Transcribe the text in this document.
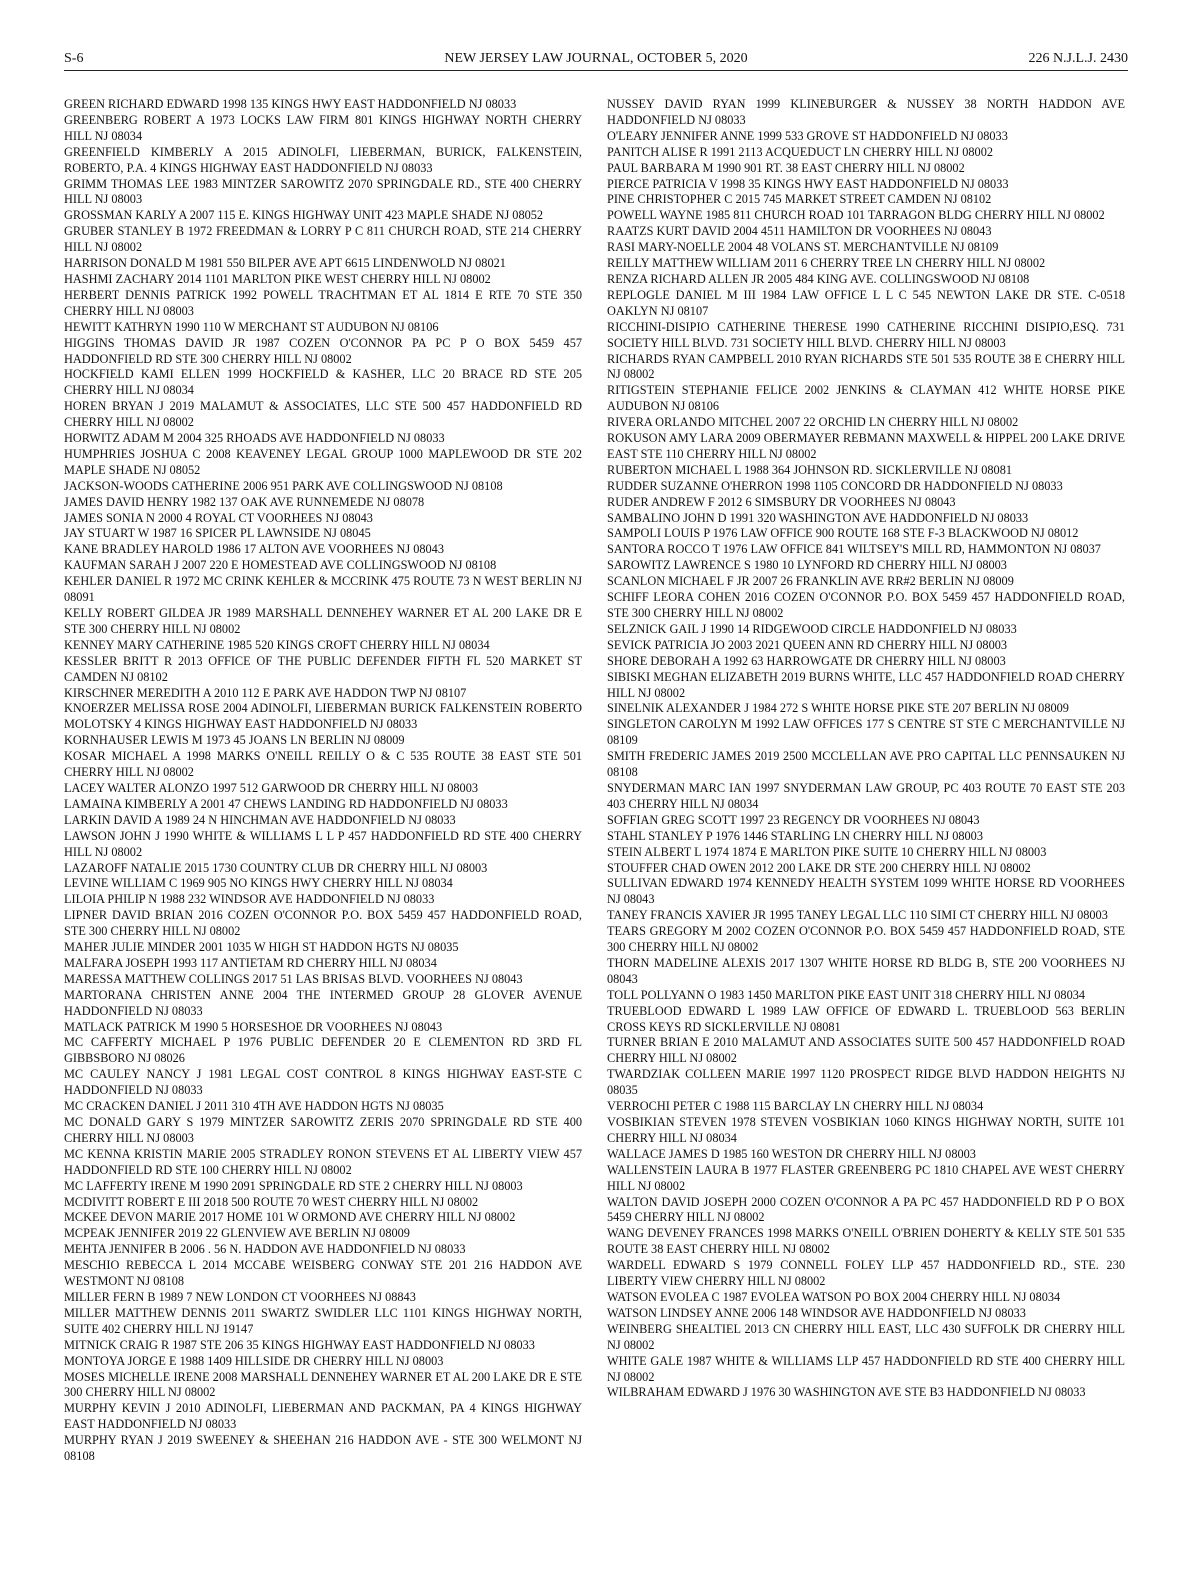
S-6	NEW JERSEY LAW JOURNAL, OCTOBER 5, 2020	226 N.J.L.J. 2430

GREEN RICHARD EDWARD 1998 135 KINGS HWY EAST HADDONFIELD NJ 08033

GREENBERG ROBERT A 1973 LOCKS LAW FIRM 801 KINGS HIGHWAY NORTH CHERRY HILL NJ 08034

GREENFIELD KIMBERLY A 2015 ADINOLFI, LIEBERMAN, BURICK, FALKENSTEIN, ROBERTO, P.A. 4 KINGS HIGHWAY EAST HADDONFIELD NJ 08033

GRIMM THOMAS LEE 1983 MINTZER SAROWITZ 2070 SPRINGDALE RD., STE 400 CHERRY HILL NJ 08003

GROSSMAN KARLY A 2007 115 E. KINGS HIGHWAY UNIT 423 MAPLE SHADE NJ 08052

GRUBER STANLEY B 1972 FREEDMAN & LORRY P C 811 CHURCH ROAD, STE 214 CHERRY HILL NJ 08002

HARRISON DONALD M 1981 550 BILPER AVE APT 6615 LINDENWOLD NJ 08021

HASHMI ZACHARY 2014 1101 MARLTON PIKE WEST CHERRY HILL NJ 08002

HERBERT DENNIS PATRICK 1992 POWELL TRACHTMAN ET AL 1814 E RTE 70 STE 350 CHERRY HILL NJ 08003

HEWITT KATHRYN 1990 110 W MERCHANT ST AUDUBON NJ 08106

HIGGINS THOMAS DAVID JR 1987 COZEN O'CONNOR PA PC P O BOX 5459 457 HADDONFIELD RD STE 300 CHERRY HILL NJ 08002

HOCKFIELD KAMI ELLEN 1999 HOCKFIELD & KASHER, LLC 20 BRACE RD STE 205 CHERRY HILL NJ 08034

HOREN BRYAN J 2019 MALAMUT & ASSOCIATES, LLC STE 500 457 HADDONFIELD RD CHERRY HILL NJ 08002

HORWITZ ADAM M 2004 325 RHOADS AVE HADDONFIELD NJ 08033

HUMPHRIES JOSHUA C 2008 KEAVENEY LEGAL GROUP 1000 MAPLEWOOD DR STE 202 MAPLE SHADE NJ 08052

JACKSON-WOODS CATHERINE 2006 951 PARK AVE COLLINGSWOOD NJ 08108

JAMES DAVID HENRY 1982 137 OAK AVE RUNNEMEDE NJ 08078

JAMES SONIA N 2000 4 ROYAL CT VOORHEES NJ 08043

JAY STUART W 1987 16 SPICER PL LAWNSIDE NJ 08045

KANE BRADLEY HAROLD 1986 17 ALTON AVE VOORHEES NJ 08043

KAUFMAN SARAH J 2007 220 E HOMESTEAD AVE COLLINGSWOOD NJ 08108

KEHLER DANIEL R 1972 MC CRINK KEHLER & MCCRINK 475 ROUTE 73 N WEST BERLIN NJ 08091

KELLY ROBERT GILDEA JR 1989 MARSHALL DENNEHEY WARNER ET AL 200 LAKE DR E STE 300 CHERRY HILL NJ 08002

KENNEY MARY CATHERINE 1985 520 KINGS CROFT CHERRY HILL NJ 08034

KESSLER BRITT R 2013 OFFICE OF THE PUBLIC DEFENDER FIFTH FL 520 MARKET ST CAMDEN NJ 08102

KIRSCHNER MEREDITH A 2010 112 E PARK AVE HADDON TWP NJ 08107

KNOERZER MELISSA ROSE 2004 ADINOLFI, LIEBERMAN BURICK FALKENSTEIN ROBERTO MOLOTSKY 4 KINGS HIGHWAY EAST HADDONFIELD NJ 08033

KORNHAUSER LEWIS M 1973 45 JOANS LN BERLIN NJ 08009

KOSAR MICHAEL A 1998 MARKS O'NEILL REILLY O & C 535 ROUTE 38 EAST STE 501 CHERRY HILL NJ 08002

LACEY WALTER ALONZO 1997 512 GARWOOD DR CHERRY HILL NJ 08003

LAMAINA KIMBERLY A 2001 47 CHEWS LANDING RD HADDONFIELD NJ 08033

LARKIN DAVID A 1989 24 N HINCHMAN AVE HADDONFIELD NJ 08033

LAWSON JOHN J 1990 WHITE & WILLIAMS L L P 457 HADDONFIELD RD STE 400 CHERRY HILL NJ 08002

LAZAROFF NATALIE 2015 1730 COUNTRY CLUB DR CHERRY HILL NJ 08003

LEVINE WILLIAM C 1969 905 NO KINGS HWY CHERRY HILL NJ 08034

LILOIA PHILIP N 1988 232 WINDSOR AVE HADDONFIELD NJ 08033

LIPNER DAVID BRIAN 2016 COZEN O'CONNOR P.O. BOX 5459 457 HADDONFIELD ROAD, STE 300 CHERRY HILL NJ 08002

MAHER JULIE MINDER 2001 1035 W HIGH ST HADDON HGTS NJ 08035

MALFARA JOSEPH 1993 117 ANTIETAM RD CHERRY HILL NJ 08034

MARESSA MATTHEW COLLINGS 2017 51 LAS BRISAS BLVD. VOORHEES NJ 08043

MARTORANA CHRISTEN ANNE 2004 THE INTERMED GROUP 28 GLOVER AVENUE HADDONFIELD NJ 08033

MATLACK PATRICK M 1990 5 HORSESHOE DR VOORHEES NJ 08043

MC CAFFERTY MICHAEL P 1976 PUBLIC DEFENDER 20 E CLEMENTON RD 3RD FL GIBBSBORO NJ 08026

MC CAULEY NANCY J 1981 LEGAL COST CONTROL 8 KINGS HIGHWAY EAST-STE C HADDONFIELD NJ 08033

MC CRACKEN DANIEL J 2011 310 4TH AVE HADDON HGTS NJ 08035

MC DONALD GARY S 1979 MINTZER SAROWITZ ZERIS 2070 SPRINGDALE RD STE 400 CHERRY HILL NJ 08003

MC KENNA KRISTIN MARIE 2005 STRADLEY RONON STEVENS ET AL LIBERTY VIEW 457 HADDONFIELD RD STE 100 CHERRY HILL NJ 08002

MC LAFFERTY IRENE M 1990 2091 SPRINGDALE RD STE 2 CHERRY HILL NJ 08003

MCDIVITT ROBERT E III 2018 500 ROUTE 70 WEST CHERRY HILL NJ 08002

MCKEE DEVON MARIE 2017 HOME 101 W ORMOND AVE CHERRY HILL NJ 08002

MCPEAK JENNIFER 2019 22 GLENVIEW AVE BERLIN NJ 08009

MEHTA JENNIFER B 2006 . 56 N. HADDON AVE HADDONFIELD NJ 08033

MESCHIO REBECCA L 2014 MCCABE WEISBERG CONWAY STE 201 216 HADDON AVE WESTMONT NJ 08108

MILLER FERN B 1989 7 NEW LONDON CT VOORHEES NJ 08843

MILLER MATTHEW DENNIS 2011 SWARTZ SWIDLER LLC 1101 KINGS HIGHWAY NORTH, SUITE 402 CHERRY HILL NJ 19147

MITNICK CRAIG R 1987 STE 206 35 KINGS HIGHWAY EAST HADDONFIELD NJ 08033

MONTOYA JORGE E 1988 1409 HILLSIDE DR CHERRY HILL NJ 08003

MOSES MICHELLE IRENE 2008 MARSHALL DENNEHEY WARNER ET AL 200 LAKE DR E STE 300 CHERRY HILL NJ 08002

MURPHY KEVIN J 2010 ADINOLFI, LIEBERMAN AND PACKMAN, PA 4 KINGS HIGHWAY EAST HADDONFIELD NJ 08033

MURPHY RYAN J 2019 SWEENEY & SHEEHAN 216 HADDON AVE - STE 300 WELMONT NJ 08108

NUSSEY DAVID RYAN 1999 KLINEBURGER & NUSSEY 38 NORTH HADDON AVE HADDONFIELD NJ 08033

O'LEARY JENNIFER ANNE 1999 533 GROVE ST HADDONFIELD NJ 08033

PANITCH ALISE R 1991 2113 ACQUEDUCT LN CHERRY HILL NJ 08002

PAUL BARBARA M 1990 901 RT. 38 EAST CHERRY HILL NJ 08002

PIERCE PATRICIA V 1998 35 KINGS HWY EAST HADDONFIELD NJ 08033

PINE CHRISTOPHER C 2015 745 MARKET STREET CAMDEN NJ 08102

POWELL WAYNE 1985 811 CHURCH ROAD 101 TARRAGON BLDG CHERRY HILL NJ 08002

RAATZS KURT DAVID 2004 4511 HAMILTON DR VOORHEES NJ 08043

RASI MARY-NOELLE 2004 48 VOLANS ST. MERCHANTVILLE NJ 08109

REILLY MATTHEW WILLIAM 2011 6 CHERRY TREE LN CHERRY HILL NJ 08002

RENZA RICHARD ALLEN JR 2005 484 KING AVE. COLLINGSWOOD NJ 08108

REPLOGLE DANIEL M III 1984 LAW OFFICE L L C 545 NEWTON LAKE DR STE. C-0518 OAKLYN NJ 08107

RICCHINI-DISIPIO CATHERINE THERESE 1990 CATHERINE RICCHINI DISIPIO,ESQ. 731 SOCIETY HILL BLVD. 731 SOCIETY HILL BLVD. CHERRY HILL NJ 08003

RICHARDS RYAN CAMPBELL 2010 RYAN RICHARDS STE 501 535 ROUTE 38 E CHERRY HILL NJ 08002

RITIGSTEIN STEPHANIE FELICE 2002 JENKINS & CLAYMAN 412 WHITE HORSE PIKE AUDUBON NJ 08106

RIVERA ORLANDO MITCHEL 2007 22 ORCHID LN CHERRY HILL NJ 08002

ROKUSON AMY LARA 2009 OBERMAYER REBMANN MAXWELL & HIPPEL 200 LAKE DRIVE EAST STE 110 CHERRY HILL NJ 08002

RUBERTON MICHAEL L 1988 364 JOHNSON RD. SICKLERVILLE NJ 08081

RUDDER SUZANNE O'HERRON 1998 1105 CONCORD DR HADDONFIELD NJ 08033

RUDER ANDREW F 2012 6 SIMSBURY DR VOORHEES NJ 08043

SAMBALINO JOHN D 1991 320 WASHINGTON AVE HADDONFIELD NJ 08033

SAMPOLI LOUIS P 1976 LAW OFFICE 900 ROUTE 168 STE F-3 BLACKWOOD NJ 08012

SANTORA ROCCO T 1976 LAW OFFICE 841 WILTSEY'S MILL RD, HAMMONTON NJ 08037

SAROWITZ LAWRENCE S 1980 10 LYNFORD RD CHERRY HILL NJ 08003

SCANLON MICHAEL F JR 2007 26 FRANKLIN AVE RR#2 BERLIN NJ 08009

SCHIFF LEORA COHEN 2016 COZEN O'CONNOR P.O. BOX 5459 457 HADDONFIELD ROAD, STE 300 CHERRY HILL NJ 08002

SELZNICK GAIL J 1990 14 RIDGEWOOD CIRCLE HADDONFIELD NJ 08033

SEVICK PATRICIA JO 2003 2021 QUEEN ANN RD CHERRY HILL NJ 08003

SHORE DEBORAH A 1992 63 HARROWGATE DR CHERRY HILL NJ 08003

SIBISKI MEGHAN ELIZABETH 2019 BURNS WHITE, LLC 457 HADDONFIELD ROAD CHERRY HILL NJ 08002

SINELNIK ALEXANDER J 1984 272 S WHITE HORSE PIKE STE 207 BERLIN NJ 08009

SINGLETON CAROLYN M 1992 LAW OFFICES 177 S CENTRE ST STE C MERCHANTVILLE NJ 08109

SMITH FREDERIC JAMES 2019 2500 MCCLELLAN AVE PRO CAPITAL LLC PENNSAUKEN NJ 08108

SNYDERMAN MARC IAN 1997 SNYDERMAN LAW GROUP, PC 403 ROUTE 70 EAST STE 203 403 CHERRY HILL NJ 08034

SOFFIAN GREG SCOTT 1997 23 REGENCY DR VOORHEES NJ 08043

STAHL STANLEY P 1976 1446 STARLING LN CHERRY HILL NJ 08003

STEIN ALBERT L 1974 1874 E MARLTON PIKE SUITE 10 CHERRY HILL NJ 08003

STOUFFER CHAD OWEN 2012 200 LAKE DR STE 200 CHERRY HILL NJ 08002

SULLIVAN EDWARD 1974 KENNEDY HEALTH SYSTEM 1099 WHITE HORSE RD VOORHEES NJ 08043

TANEY FRANCIS XAVIER JR 1995 TANEY LEGAL LLC 110 SIMI CT CHERRY HILL NJ 08003

TEARS GREGORY M 2002 COZEN O'CONNOR P.O. BOX 5459 457 HADDONFIELD ROAD, STE 300 CHERRY HILL NJ 08002

THORN MADELINE ALEXIS 2017 1307 WHITE HORSE RD BLDG B, STE 200 VOORHEES NJ 08043

TOLL POLLYANN O 1983 1450 MARLTON PIKE EAST UNIT 318 CHERRY HILL NJ 08034

TRUEBLOOD EDWARD L 1989 LAW OFFICE OF EDWARD L. TRUEBLOOD 563 BERLIN CROSS KEYS RD SICKLERVILLE NJ 08081

TURNER BRIAN E 2010 MALAMUT AND ASSOCIATES SUITE 500 457 HADDONFIELD ROAD CHERRY HILL NJ 08002

TWARDZIAK COLLEEN MARIE 1997 1120 PROSPECT RIDGE BLVD HADDON HEIGHTS NJ 08035

VERROCHI PETER C 1988 115 BARCLAY LN CHERRY HILL NJ 08034

VOSBIKIAN STEVEN 1978 STEVEN VOSBIKIAN 1060 KINGS HIGHWAY NORTH, SUITE 101 CHERRY HILL NJ 08034

WALLACE JAMES D 1985 160 WESTON DR CHERRY HILL NJ 08003

WALLENSTEIN LAURA B 1977 FLASTER GREENBERG PC 1810 CHAPEL AVE WEST CHERRY HILL NJ 08002

WALTON DAVID JOSEPH 2000 COZEN O'CONNOR A PA PC 457 HADDONFIELD RD P O BOX 5459 CHERRY HILL NJ 08002

WANG DEVENEY FRANCES 1998 MARKS O'NEILL O'BRIEN DOHERTY & KELLY STE 501 535 ROUTE 38 EAST CHERRY HILL NJ 08002

WARDELL EDWARD S 1979 CONNELL FOLEY LLP 457 HADDONFIELD RD., STE. 230 LIBERTY VIEW CHERRY HILL NJ 08002

WATSON EVOLEA C 1987 EVOLEA WATSON PO BOX 2004 CHERRY HILL NJ 08034

WATSON LINDSEY ANNE 2006 148 WINDSOR AVE HADDONFIELD NJ 08033

WEINBERG SHEALTIEL 2013 CN CHERRY HILL EAST, LLC 430 SUFFOLK DR CHERRY HILL NJ 08002

WHITE GALE 1987 WHITE & WILLIAMS LLP 457 HADDONFIELD RD STE 400 CHERRY HILL NJ 08002

WILBRAHAM EDWARD J 1976 30 WASHINGTON AVE STE B3 HADDONFIELD NJ 08033
